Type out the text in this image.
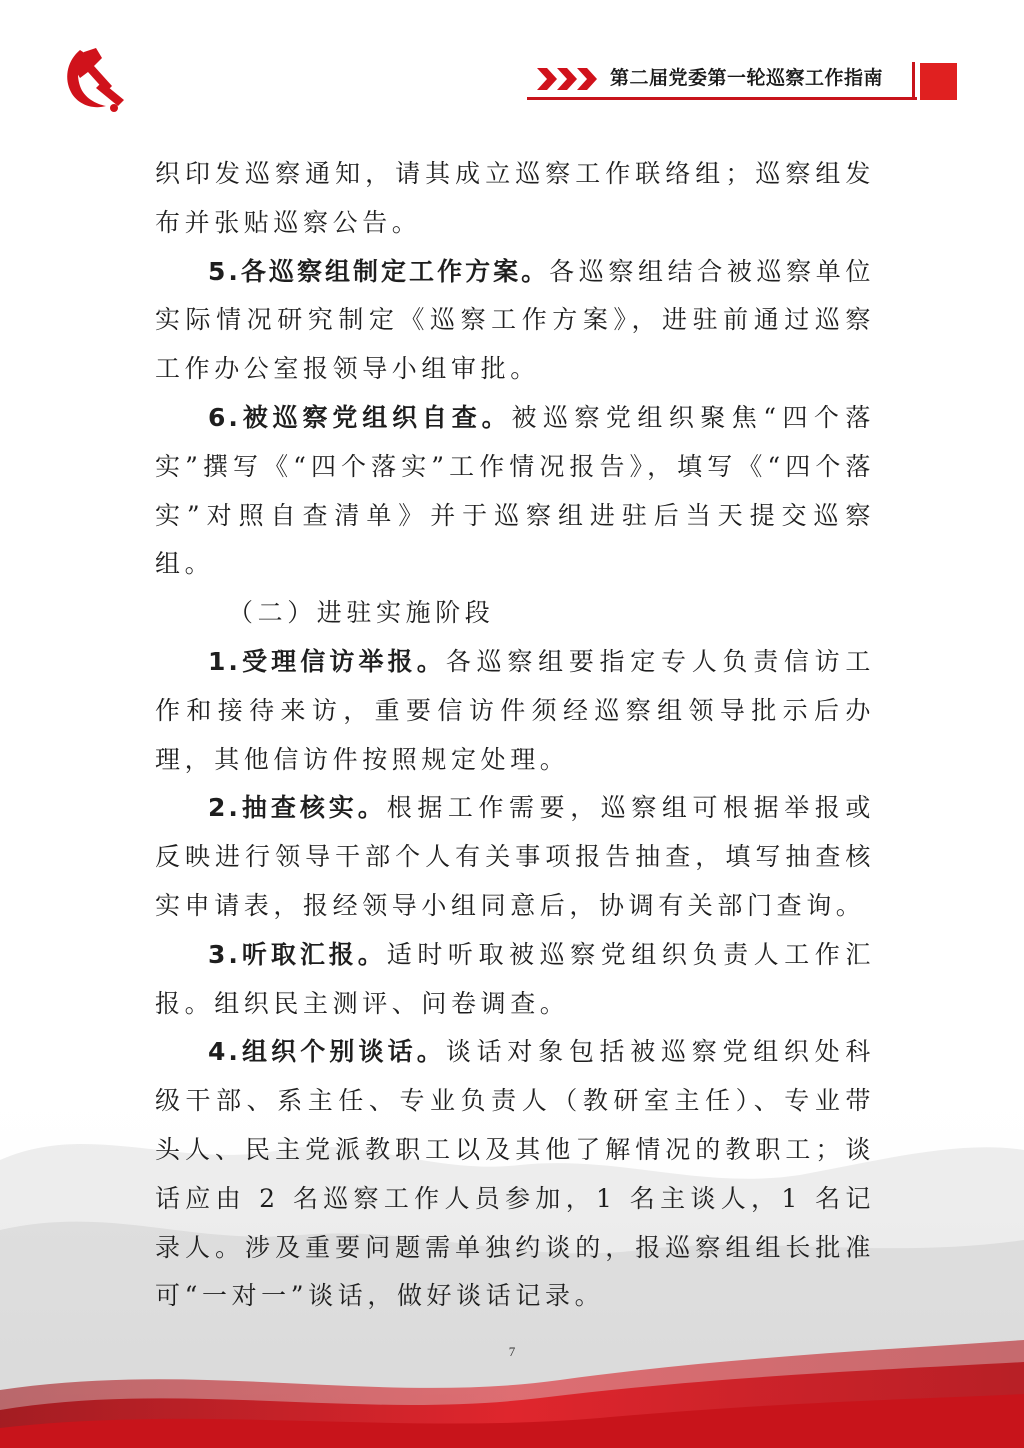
第二届党委第一轮巡察工作指南

织印发巡察通知，请其成立巡察工作联络组；巡察组发布并张贴巡察公告。

5.各巡察组制定工作方案。各巡察组结合被巡察单位实际情况研究制定《巡察工作方案》，进驻前通过巡察工作办公室报领导小组审批。

6.被巡察党组织自查。被巡察党组织聚焦“四个落实”撰写《“四个落实”工作情况报告》，填写《“四个落实”对照自查清单》并于巡察组进驻后当天提交巡察组。

（二）进驻实施阶段

1.受理信访举报。各巡察组要指定专人负责信访工作和接待来访，重要信访件须经巡察组领导批示后办理，其他信访件按照规定处理。

2.抽查核实。根据工作需要，巡察组可根据举报或反映进行领导干部个人有关事项报告抽查，填写抽查核实申请表，报经领导小组同意后，协调有关部门查询。

3.听取汇报。适时听取被巡察党组织负责人工作汇报。组织民主测评、问卷调查。

4.组织个别谈话。谈话对象包括被巡察党组织处科级干部、系主任、专业负责人（教研室主任）、专业带头人、民主党派教职工以及其他了解情况的教职工；谈话应由 2 名巡察工作人员参加，1 名主谈人，1 名记录人。涉及重要问题需单独约谈的，报巡察组组长批准可“一对一”谈话，做好谈话记录。

7
